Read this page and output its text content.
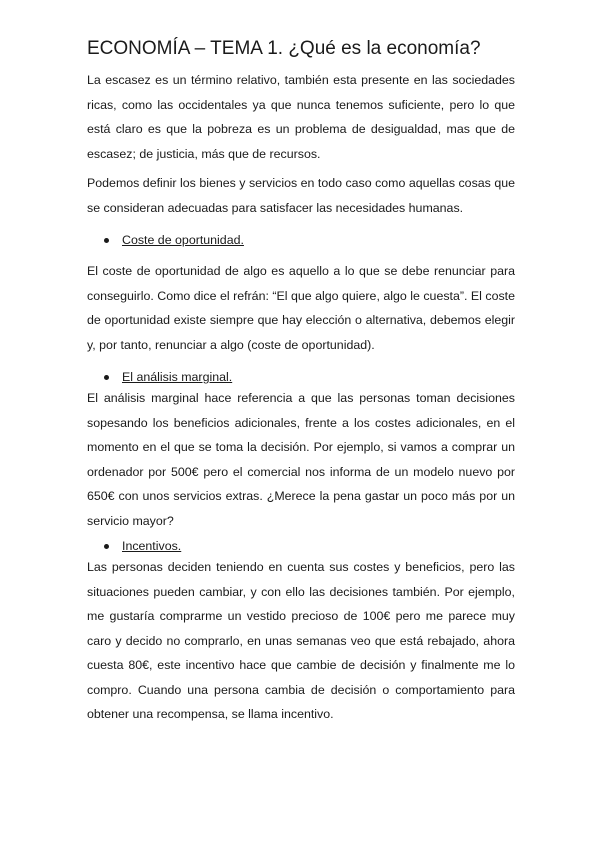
ECONOMÍA – TEMA 1. ¿Qué es la economía?

La escasez es un término relativo, también esta presente en las sociedades ricas, como las occidentales ya que nunca tenemos suficiente, pero lo que está claro es que la pobreza es un problema de desigualdad, mas que de escasez; de justicia, más que de recursos.

Podemos definir los bienes y servicios en todo caso como aquellas cosas que se consideran adecuadas para satisfacer las necesidades humanas.

Coste de oportunidad.

El coste de oportunidad de algo es aquello a lo que se debe renunciar para conseguirlo. Como dice el refrán: “El que algo quiere, algo le cuesta”. El coste de oportunidad existe siempre que hay elección o alternativa, debemos elegir y, por tanto, renunciar a algo (coste de oportunidad).

El análisis marginal.

El análisis marginal hace referencia a que las personas toman decisiones sopesando los beneficios adicionales, frente a los costes adicionales, en el momento en el que se toma la decisión. Por ejemplo, si vamos a comprar un ordenador por 500€ pero el comercial nos informa de un modelo nuevo por 650€ con unos servicios extras. ¿Merece la pena gastar un poco más por un servicio mayor?

Incentivos.

Las personas deciden teniendo en cuenta sus costes y beneficios, pero las situaciones pueden cambiar, y con ello las decisiones también. Por ejemplo, me gustaría comprarme un vestido precioso de 100€ pero me parece muy caro y decido no comprarlo, en unas semanas veo que está rebajado, ahora cuesta 80€, este incentivo hace que cambie de decisión y finalmente me lo compro. Cuando una persona cambia de decisión o comportamiento para obtener una recompensa, se llama incentivo.
